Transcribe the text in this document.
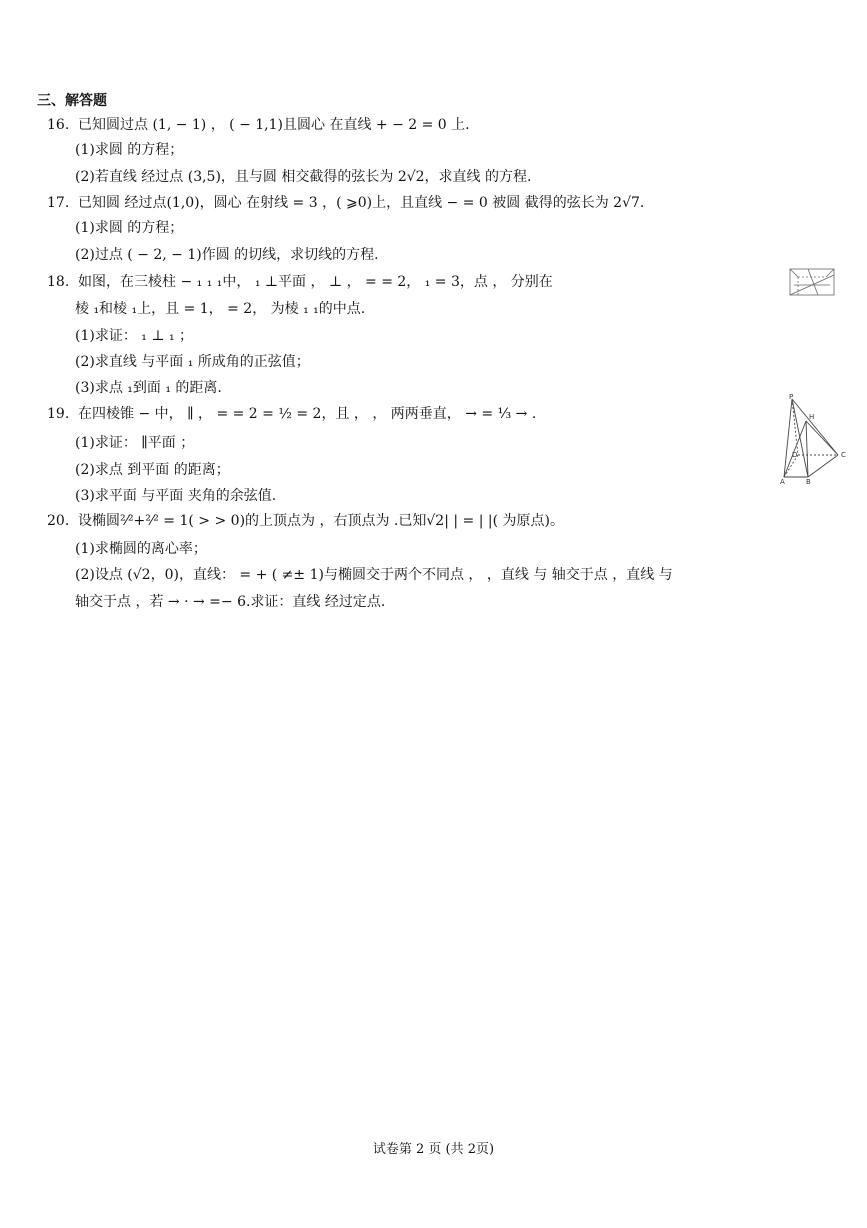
三、解答题
16. 已知圆过点 (1, − 1) ， ( − 1,1)且圆心 在直线 + − 2 = 0 上.
(1)求圆 的方程；
(2)若直线 经过点 (3,5)，且与圆 相交截得的弦长为 2√2，求直线 的方程.
17. 已知圆 经过点(1,0)，圆心 在射线 = 3 ，( ⩾0)上，且直线 − = 0 被圆 截得的弦长为 2√7.
(1)求圆 的方程；
(2)过点 ( − 2, − 1)作圆 的切线，求切线的方程.
18. 如图，在三棱柱 − ₁ ₁ ₁中， ₁ ⊥平面 ， ⊥ ， = = 2， ₁ = 3，点 ， 分别在
棱 ₁和棱 ₁上，且 = 1， = 2， 为棱 ₁ ₁的中点.
(1)求证： ₁ ⊥ ₁ ；
(2)求直线 与平面 ₁ 所成角的正弦值；
(3)求点 ₁到面 ₁ 的距离.
19. 在四棱锥 − 中， ∥ ， = = 2 = ½ = 2，且 ， ， 两两垂直， → = ⅓ → .
(1)求证： ∥平面 ；
(2)求点 到平面 的距离；
(3)求平面 与平面 夹角的余弦值.
P
H
A	B
C
D
20. 设椭圆²⁄²+²⁄² = 1( > > 0)的上顶点为 ，右顶点为 .已知√2| | = | |( 为原点)。
(1)求椭圆的离心率；
(2)设点 (√2，0)，直线： = + ( ≠± 1)与椭圆交于两个不同点 ， ，直线 与 轴交于点 ，直线 与
轴交于点 ，若 → · → =− 6.求证：直线 经过定点.
试卷第 2 页 (共 2页)
